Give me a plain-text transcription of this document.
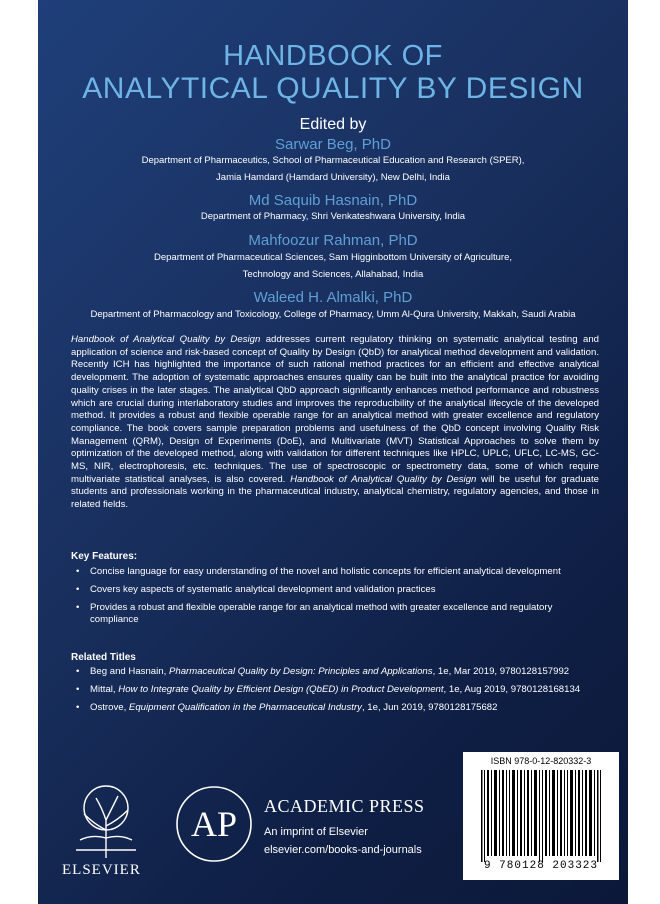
HANDBOOK OF
ANALYTICAL QUALITY BY DESIGN
Edited by
Sarwar Beg, PhD
Department of Pharmaceutics, School of Pharmaceutical Education and Research (SPER),
Jamia Hamdard (Hamdard University), New Delhi, India
Md Saquib Hasnain, PhD
Department of Pharmacy, Shri Venkateshwara University, India
Mahfoozur Rahman, PhD
Department of Pharmaceutical Sciences, Sam Higginbottom University of Agriculture,
Technology and Sciences, Allahabad, India
Waleed H. Almalki, PhD
Department of Pharmacology and Toxicology, College of Pharmacy, Umm Al-Qura University, Makkah, Saudi Arabia

Handbook of Analytical Quality by Design addresses current regulatory thinking on systematic analytical testing and application of science and risk-based concept of Quality by Design (QbD) for analytical method development and validation. Recently ICH has highlighted the importance of such rational method practices for an efficient and effective analytical development. The adoption of systematic approaches ensures quality can be built into the analytical practice for avoiding quality crises in the later stages. The analytical QbD approach significantly enhances method performance and robustness which are crucial during interlaboratory studies and improves the reproducibility of the analytical lifecycle of the developed method. It provides a robust and flexible operable range for an analytical method with greater excellence and regulatory compliance. The book covers sample preparation problems and usefulness of the QbD concept involving Quality Risk Management (QRM), Design of Experiments (DoE), and Multivariate (MVT) Statistical Approaches to solve them by optimization of the developed method, along with validation for different techniques like HPLC, UPLC, UFLC, LC-MS, GC-MS, NIR, electrophoresis, etc. techniques. The use of spectroscopic or spectrometry data, some of which require multivariate statistical analyses, is also covered. Handbook of Analytical Quality by Design will be useful for graduate students and professionals working in the pharmaceutical industry, analytical chemistry, regulatory agencies, and those in related fields.

Key Features:
• Concise language for easy understanding of the novel and holistic concepts for efficient analytical development
• Covers key aspects of systematic analytical development and validation practices
• Provides a robust and flexible operable range for an analytical method with greater excellence and regulatory compliance
Related Titles
• Beg and Hasnain, Pharmaceutical Quality by Design: Principles and Applications, 1e, Mar 2019, 9780128157992
• Mittal, How to Integrate Quality by Efficient Design (QbED) in Product Development, 1e, Aug 2019, 9780128168134
• Ostrove, Equipment Qualification in the Pharmaceutical Industry, 1e, Jun 2019, 9780128175682
ISBN 978-0-12-820332-3
9 780128 203323
ELSEVIER
AP ACADEMIC PRESS
An imprint of Elsevier
elsevier.com/books-and-journals
